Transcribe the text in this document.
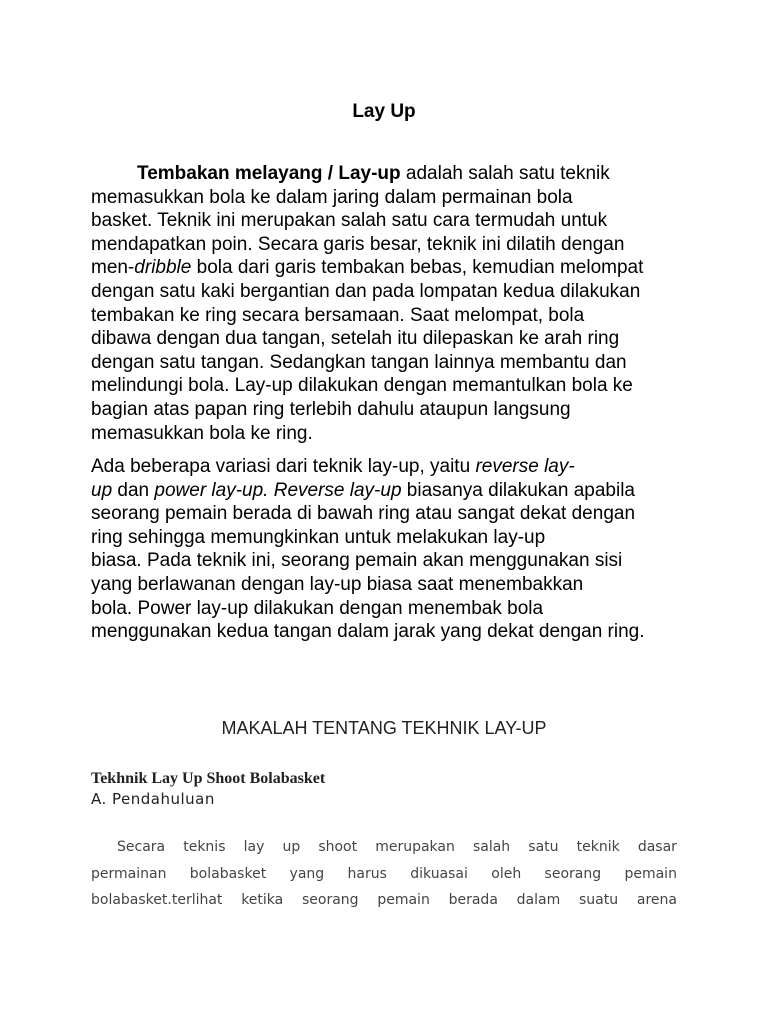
Lay Up
Tembakan melayang / Lay-up adalah salah satu teknik
memasukkan bola ke dalam jaring dalam permainan bola
basket. Teknik ini merupakan salah satu cara termudah untuk
mendapatkan poin. Secara garis besar, teknik ini dilatih dengan
men-dribble bola dari garis tembakan bebas, kemudian melompat
dengan satu kaki bergantian dan pada lompatan kedua dilakukan
tembakan ke ring secara bersamaan. Saat melompat, bola
dibawa dengan dua tangan, setelah itu dilepaskan ke arah ring
dengan satu tangan. Sedangkan tangan lainnya membantu dan
melindungi bola. Lay-up dilakukan dengan memantulkan bola ke
bagian atas papan ring terlebih dahulu ataupun langsung
memasukkan bola ke ring.
Ada beberapa variasi dari teknik lay-up, yaitu reverse lay-
up dan power lay-up. Reverse lay-up biasanya dilakukan apabila
seorang pemain berada di bawah ring atau sangat dekat dengan
ring sehingga memungkinkan untuk melakukan lay-up
biasa. Pada teknik ini, seorang pemain akan menggunakan sisi
yang berlawanan dengan lay-up biasa saat menembakkan
bola. Power lay-up dilakukan dengan menembak bola
menggunakan kedua tangan dalam jarak yang dekat dengan ring.
MAKALAH TENTANG TEKHNIK LAY-UP
Tekhnik Lay Up Shoot Bolabasket
A. Pendahuluan
Secara teknis lay up shoot merupakan salah satu teknik dasar
permainan bolabasket yang harus dikuasai oleh seorang pemain
bolabasket.terlihat ketika seorang pemain berada dalam suatu arena
